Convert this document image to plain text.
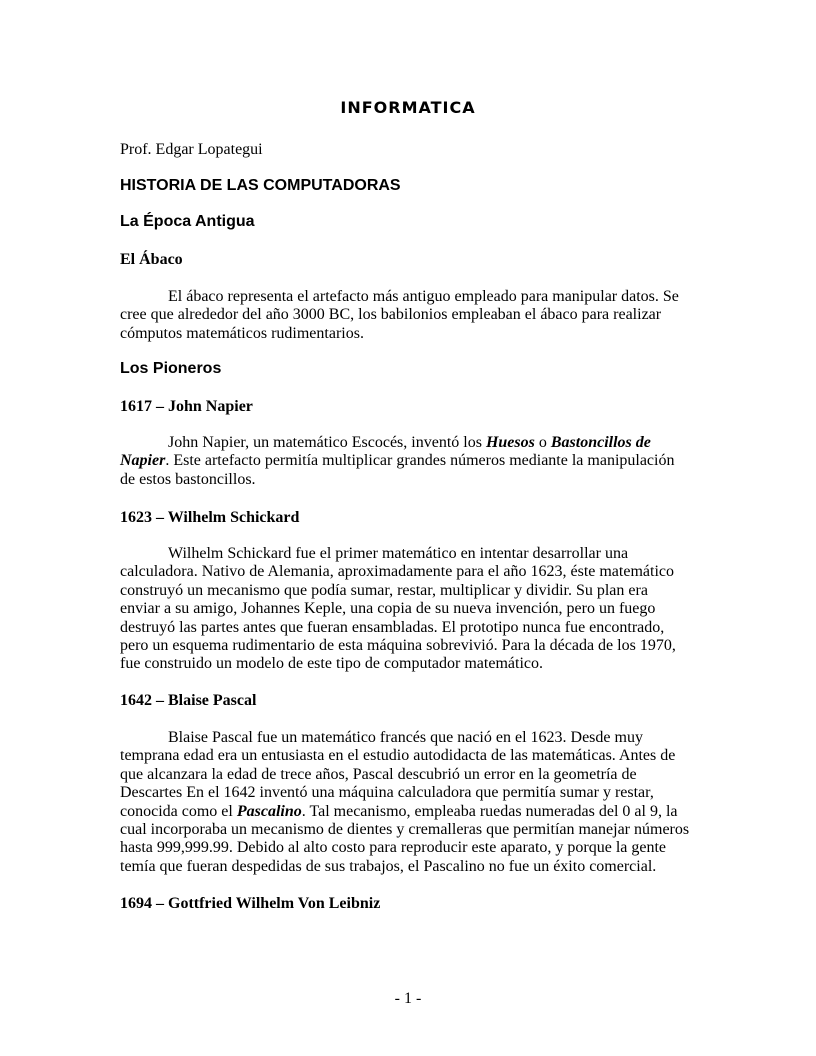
INFORMATICA

Prof. Edgar Lopategui

HISTORIA DE LAS COMPUTADORAS
La Época Antigua

El Ábaco

El ábaco representa el artefacto más antiguo empleado para manipular datos. Se
cree que alrededor del año 3000 BC, los babilonios empleaban el ábaco para realizar
cómputos matemáticos rudimentarios.

Los Pioneros

1617 – John Napier

John Napier, un matemático Escocés, inventó los Huesos o Bastoncillos de
Napier. Este artefacto permitía multiplicar grandes números mediante la manipulación
de estos bastoncillos.

1623 – Wilhelm Schickard

Wilhelm Schickard fue el primer matemático en intentar desarrollar una
calculadora. Nativo de Alemania, aproximadamente para el año 1623, éste matemático
construyó un mecanismo que podía sumar, restar, multiplicar y dividir. Su plan era
enviar a su amigo, Johannes Keple, una copia de su nueva invención, pero un fuego
destruyó las partes antes que fueran ensambladas. El prototipo nunca fue encontrado,
pero un esquema rudimentario de esta máquina sobrevivió. Para la década de los 1970,
fue construido un modelo de este tipo de computador matemático.

1642 – Blaise Pascal

Blaise Pascal fue un matemático francés que nació en el 1623. Desde muy
temprana edad era un entusiasta en el estudio autodidacta de las matemáticas. Antes de
que alcanzara la edad de trece años, Pascal descubrió un error en la geometría de
Descartes En el 1642 inventó una máquina calculadora que permitía sumar y restar,
conocida como el Pascalino. Tal mecanismo, empleaba ruedas numeradas del 0 al 9, la
cual incorporaba un mecanismo de dientes y cremalleras que permitían manejar números
hasta 999,999.99. Debido al alto costo para reproducir este aparato, y porque la gente
temía que fueran despedidas de sus trabajos, el Pascalino no fue un éxito comercial.

1694 – Gottfried Wilhelm Von Leibniz

- 1 -
